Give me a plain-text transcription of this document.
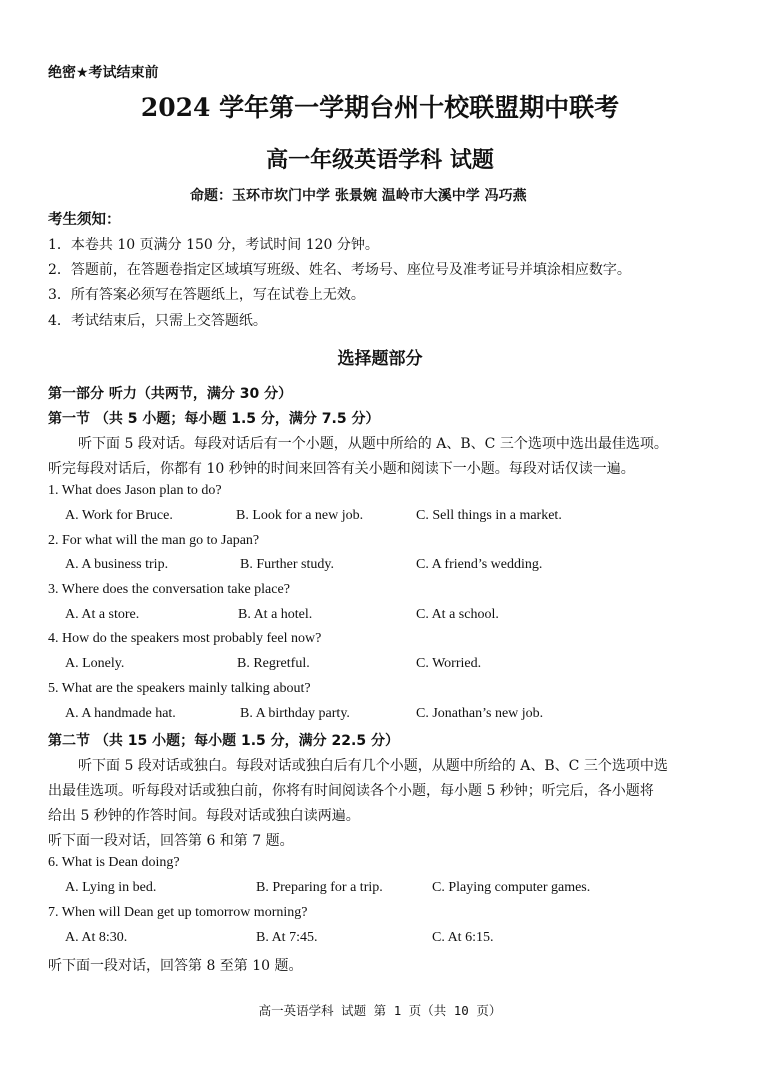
绝密★考试结束前
2024 学年第一学期台州十校联盟期中联考
高一年级英语学科 试题
命题：玉环市坎门中学 张景婉 温岭市大溪中学 冯巧燕
考生须知：
1．本卷共 10 页满分 150 分，考试时间 120 分钟。
2．答题前，在答题卷指定区域填写班级、姓名、考场号、座位号及准考证号并填涂相应数字。
3．所有答案必须写在答题纸上，写在试卷上无效。
4．考试结束后，只需上交答题纸。
选择题部分
第一部分 听力（共两节，满分 30 分）
第一节 （共 5 小题；每小题 1.5 分，满分 7.5 分）
听下面 5 段对话。每段对话后有一个小题，从题中所给的 A、B、C 三个选项中选出最佳选项。
听完每段对话后，你都有 10 秒钟的时间来回答有关小题和阅读下一小题。每段对话仅读一遍。
1. What does Jason plan to do?
A. Work for Bruce.	B. Look for a new job.	C. Sell things in a market.
2. For what will the man go to Japan?
A. A business trip.	B. Further study.	C. A friend’s wedding.
3. Where does the conversation take place?
A. At a store.	B. At a hotel.	C. At a school.
4. How do the speakers most probably feel now?
A. Lonely.	B. Regretful.	C. Worried.
5. What are the speakers mainly talking about?
A. A handmade hat.	B. A birthday party.	C. Jonathan’s new job.
第二节 （共 15 小题；每小题 1.5 分，满分 22.5 分）
听下面 5 段对话或独白。每段对话或独白后有几个小题，从题中所给的 A、B、C 三个选项中选
出最佳选项。听每段对话或独白前，你将有时间阅读各个小题，每小题 5 秒钟；听完后，各小题将
给出 5 秒钟的作答时间。每段对话或独白读两遍。
听下面一段对话，回答第 6 和第 7 题。
6. What is Dean doing?
A. Lying in bed.	B. Preparing for a trip.	C. Playing computer games.
7. When will Dean get up tomorrow morning?
A. At 8:30.	B. At 7:45.	C. At 6:15.
听下面一段对话，回答第 8 至第 10 题。
高一英语学科 试题 第 1 页（共 10 页）
